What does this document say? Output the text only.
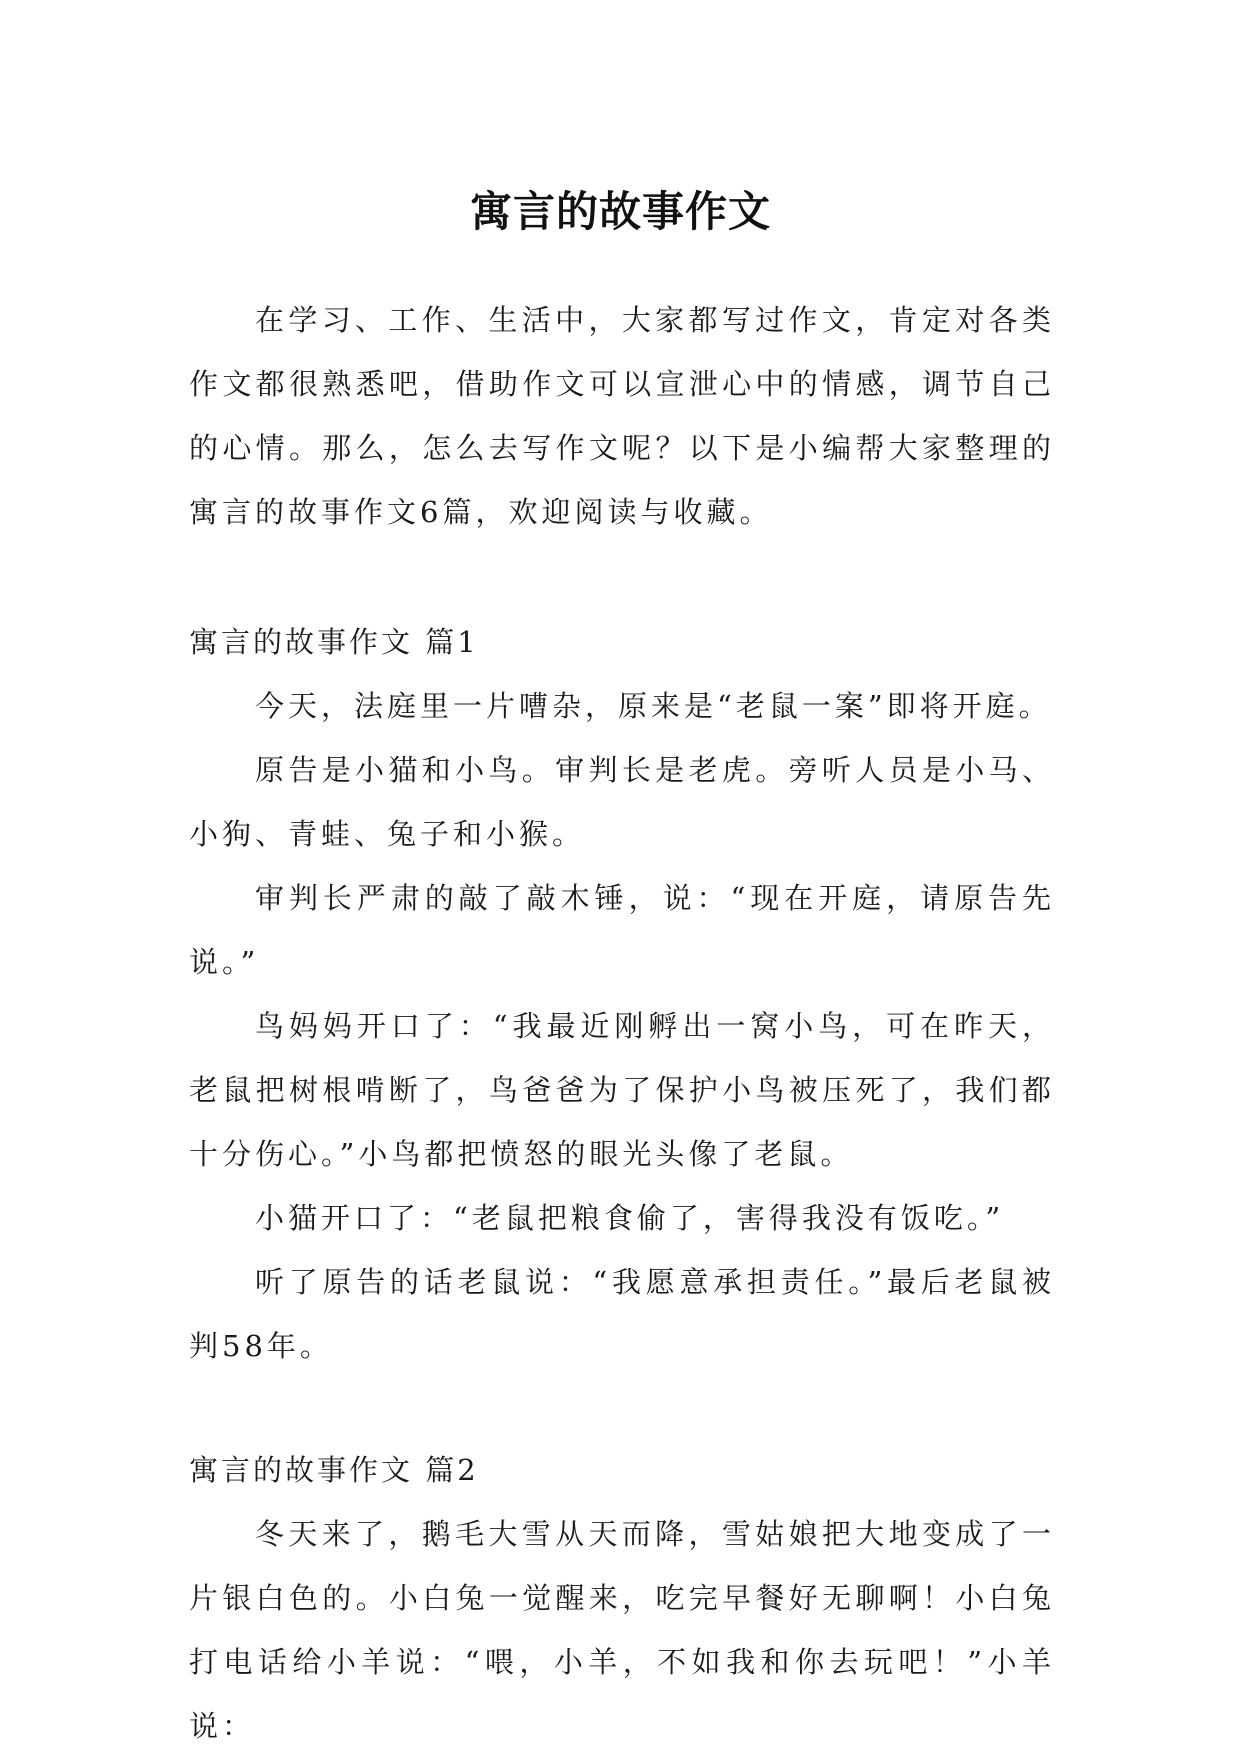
寓言的故事作文

在学习、工作、生活中，大家都写过作文，肯定对各类作文都很熟悉吧，借助作文可以宣泄心中的情感，调节自己的心情。那么，怎么去写作文呢？以下是小编帮大家整理的寓言的故事作文6篇，欢迎阅读与收藏。

寓言的故事作文 篇1

今天，法庭里一片嘈杂，原来是“老鼠一案”即将开庭。

原告是小猫和小鸟。审判长是老虎。旁听人员是小马、小狗、青蛙、兔子和小猴。

审判长严肃的敲了敲木锤，说：“现在开庭，请原告先说。”

鸟妈妈开口了：“我最近刚孵出一窝小鸟，可在昨天，老鼠把树根啃断了，鸟爸爸为了保护小鸟被压死了，我们都十分伤心。”小鸟都把愤怒的眼光头像了老鼠。

小猫开口了：“老鼠把粮食偷了，害得我没有饭吃。”

听了原告的话老鼠说：“我愿意承担责任。”最后老鼠被判58年。

寓言的故事作文 篇2

冬天来了，鹅毛大雪从天而降，雪姑娘把大地变成了一片银白色的。小白兔一觉醒来，吃完早餐好无聊啊！小白兔打电话给小羊说：“喂，小羊，不如我和你去玩吧！”小羊说：
